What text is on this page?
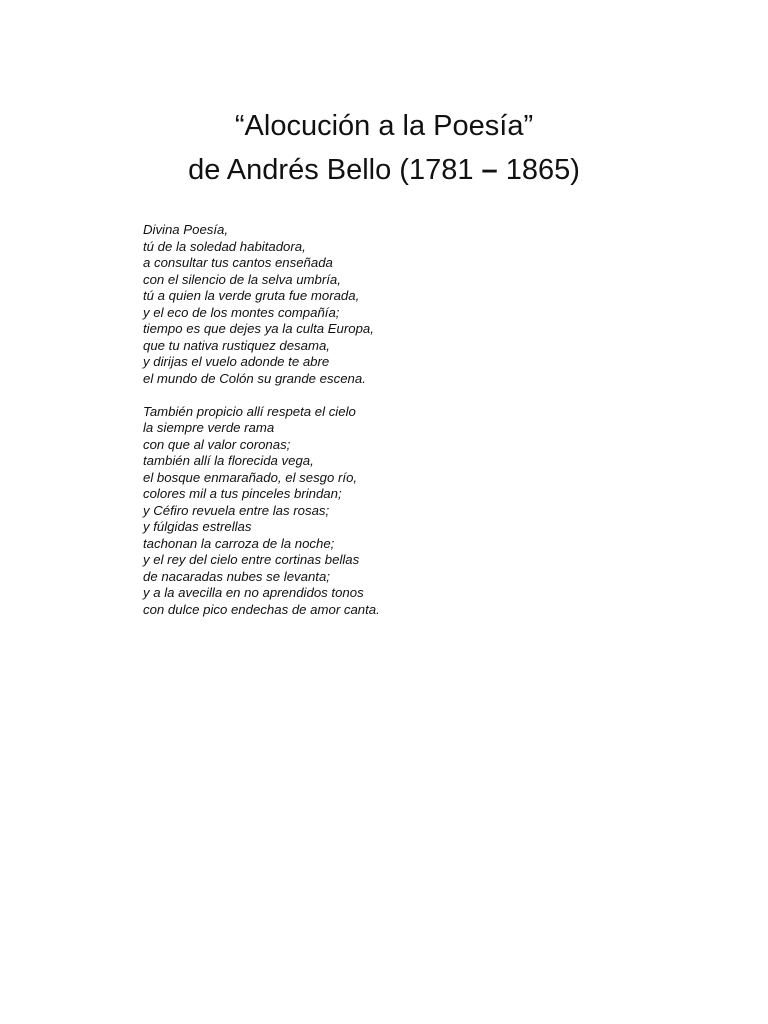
“Alocución a la Poesía”
de Andrés Bello (1781 – 1865)
Divina Poesía,
tú de la soledad habitadora,
a consultar tus cantos enseñada
con el silencio de la selva umbría,
tú a quien la verde gruta fue morada,
y el eco de los montes compañía;
tiempo es que dejes ya la culta Europa,
que tu nativa rustiquez desama,
y dirijas el vuelo adonde te abre
el mundo de Colón su grande escena.
También propicio allí respeta el cielo
la siempre verde rama
con que al valor coronas;
también allí la florecida vega,
el bosque enmarañado, el sesgo río,
colores mil a tus pinceles brindan;
y Céfiro revuela entre las rosas;
y fúlgidas estrellas
tachonan la carroza de la noche;
y el rey del cielo entre cortinas bellas
de nacaradas nubes se levanta;
y a la avecilla en no aprendidos tonos
con dulce pico endechas de amor canta.
